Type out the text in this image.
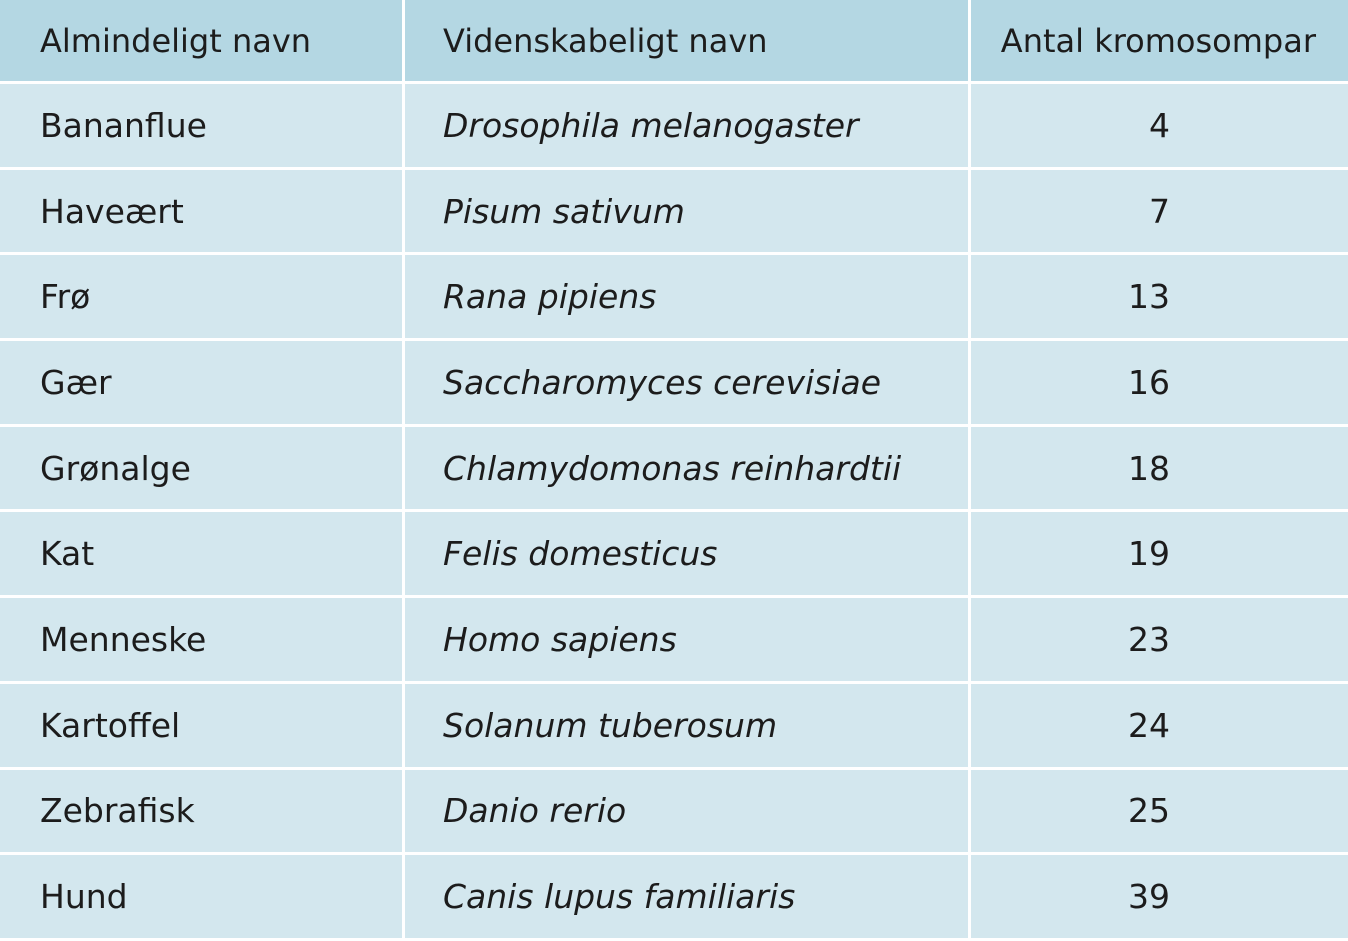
Almindeligt navn	Videnskabeligt navn	Antal kromosompar
Bananflue	Drosophila melanogaster	4
Haveært	Pisum sativum	7
Frø	Rana pipiens	13
Gær	Saccharomyces cerevisiae	16
Grønalge	Chlamydomonas reinhardtii	18
Kat	Felis domesticus	19
Menneske	Homo sapiens	23
Kartoffel	Solanum tuberosum	24
Zebrafisk	Danio rerio	25
Hund	Canis lupus familiaris	39
